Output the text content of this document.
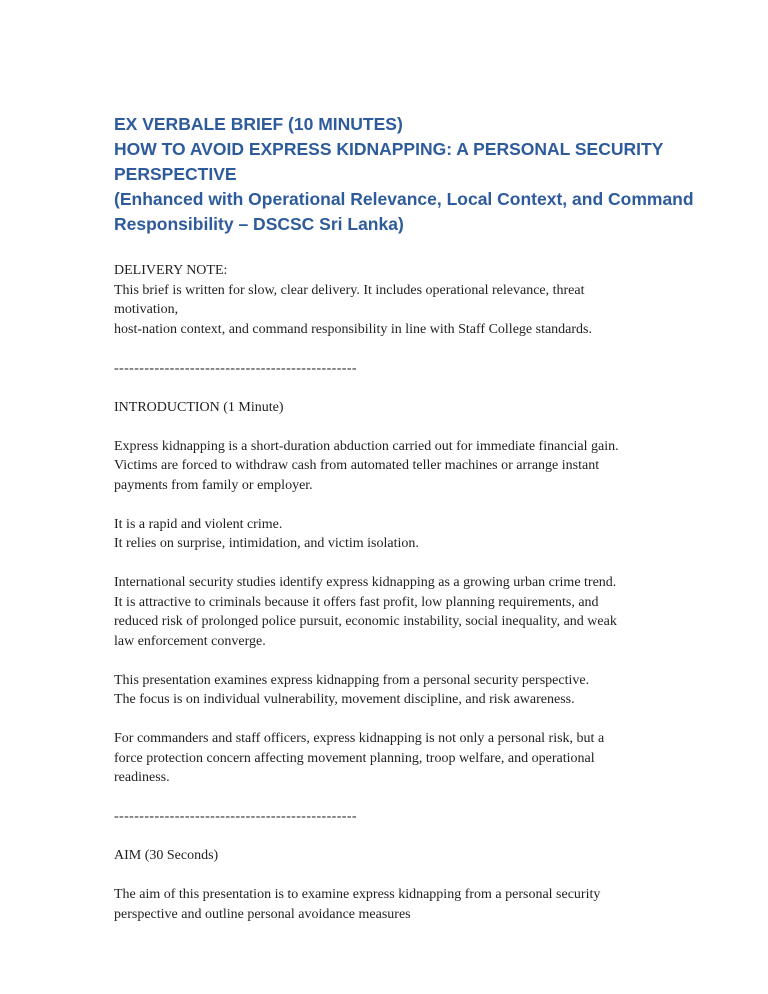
EX VERBALE BRIEF (10 MINUTES)
HOW TO AVOID EXPRESS KIDNAPPING: A PERSONAL SECURITY
PERSPECTIVE
(Enhanced with Operational Relevance, Local Context, and Command
Responsibility – DSCSC Sri Lanka)
DELIVERY NOTE:
This brief is written for slow, clear delivery. It includes operational relevance, threat
motivation,
host-nation context, and command responsibility in line with Staff College standards.
------------------------------------------------
INTRODUCTION (1 Minute)
Express kidnapping is a short-duration abduction carried out for immediate financial gain.
Victims are forced to withdraw cash from automated teller machines or arrange instant
payments from family or employer.
It is a rapid and violent crime.
It relies on surprise, intimidation, and victim isolation.
International security studies identify express kidnapping as a growing urban crime trend.
It is attractive to criminals because it offers fast profit, low planning requirements, and
reduced risk of prolonged police pursuit, economic instability, social inequality, and weak
law enforcement converge.
This presentation examines express kidnapping from a personal security perspective.
The focus is on individual vulnerability, movement discipline, and risk awareness.
For commanders and staff officers, express kidnapping is not only a personal risk, but a
force protection concern affecting movement planning, troop welfare, and operational
readiness.
------------------------------------------------
AIM (30 Seconds)
The aim of this presentation is to examine express kidnapping from a personal security
perspective and outline personal avoidance measures
